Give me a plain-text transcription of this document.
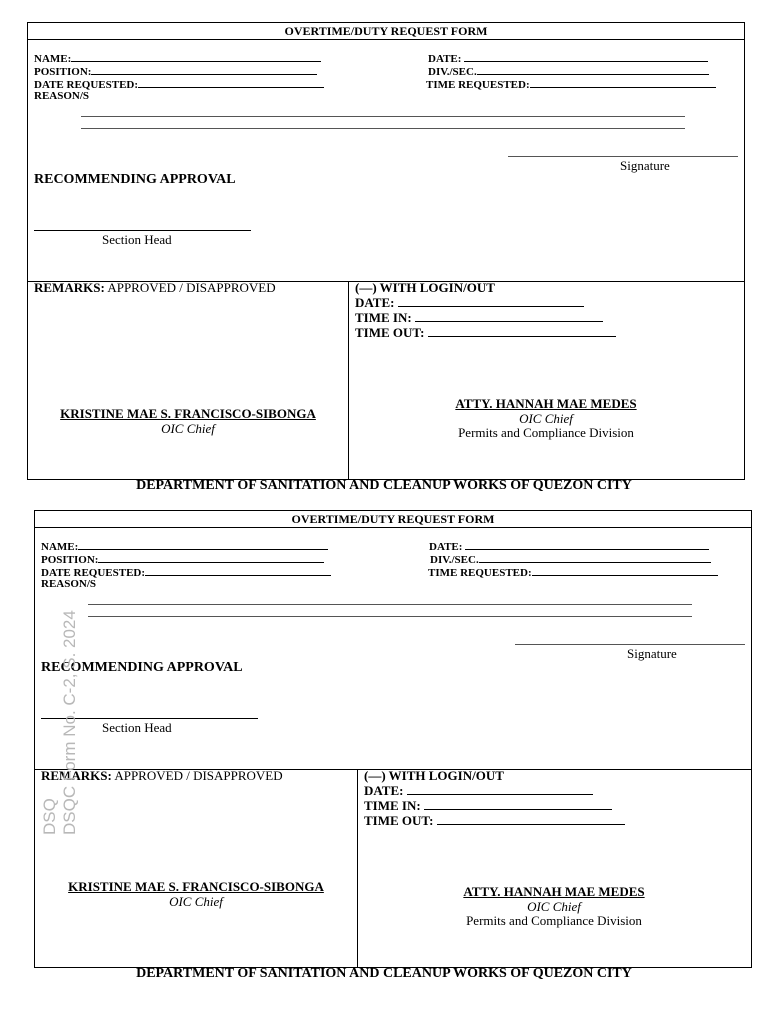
OVERTIME/DUTY REQUEST FORM
NAME:
POSITION:
DATE REQUESTED:
REASON/S
DATE:
DIV./SEC.
TIME REQUESTED:
Signature
RECOMMENDING APPROVAL
Section Head
REMARKS: APPROVED / DISAPPROVED	(—) WITH LOGIN/OUT
DATE:
TIME IN:
TIME OUT:
KRISTINE MAE S. FRANCISCO-SIBONGA
OIC Chief
ATTY. HANNAH MAE MEDES
OIC Chief
Permits and Compliance Division
DEPARTMENT OF SANITATION AND CLEANUP WORKS OF QUEZON CITY
OVERTIME/DUTY REQUEST FORM
NAME:
POSITION:
DATE REQUESTED:
REASON/S
DATE:
DIV./SEC.
TIME REQUESTED:
Signature
RECOMMENDING APPROVAL
Section Head
REMARKS: APPROVED / DISAPPROVED	(—) WITH LOGIN/OUT
DATE:
TIME IN:
TIME OUT:
KRISTINE MAE S. FRANCISCO-SIBONGA
OIC Chief
ATTY. HANNAH MAE MEDES
OIC Chief
Permits and Compliance Division
DEPARTMENT OF SANITATION AND CLEANUP WORKS OF QUEZON CITY
DSQ DSQC Form No. C-2, S. 2024
